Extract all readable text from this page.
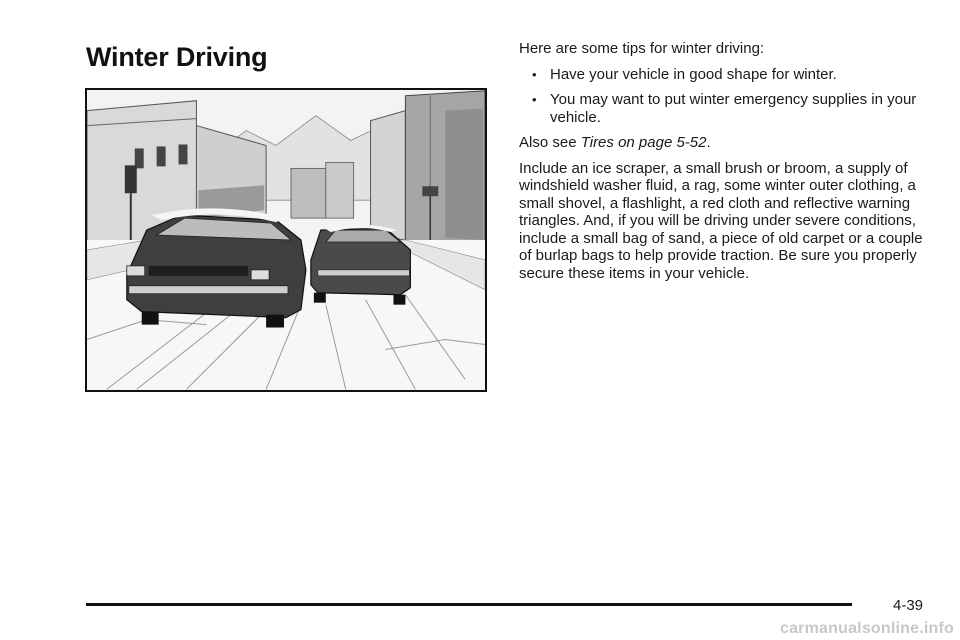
Winter Driving	Here are some tips for winter driving:

• Have your vehicle in good shape for winter.
• You may want to put winter emergency supplies in your vehicle.

Also see Tires on page 5-52.

Include an ice scraper, a small brush or broom, a supply of windshield washer fluid, a rag, some winter outer clothing, a small shovel, a flashlight, a red cloth and reflective warning triangles. And, if you will be driving under severe conditions, include a small bag of sand, a piece of old carpet or a couple of burlap bags to help provide traction. Be sure you properly secure these items in your vehicle.

4-39
carmanualsonline.info
